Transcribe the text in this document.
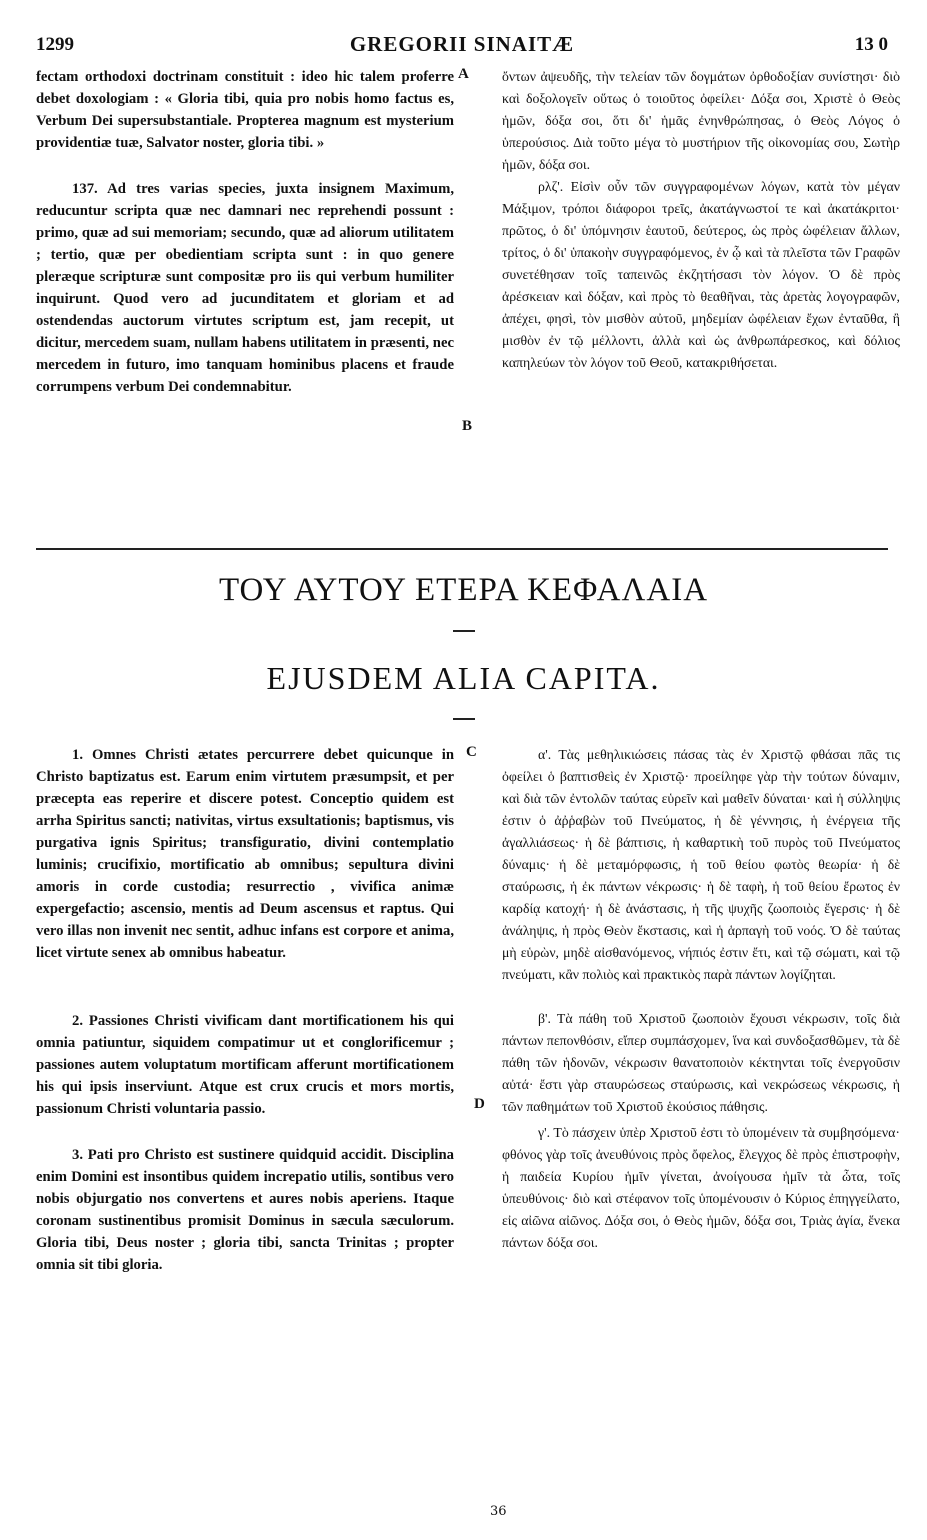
1299	GREGORII SINAITÆ	13 0

fectam orthodoxi doctrinam constituit : ideo hic talem proferre debet doxologiam : « Gloria tibi, quia pro nobis homo factus es, Verbum Dei supersubstantiale. Propterea magnum est mysterium providentiæ tuæ, Salvator noster, gloria tibi. »

137. Ad tres varias species, juxta insignem Maximum, reducuntur scripta quæ nec damnari nec reprehendi possunt : primo, quæ ad sui memoriam; secundo, quæ ad aliorum utilitatem ; tertio, quæ per obedientiam scripta sunt : in quo genere pleræque scripturæ sunt compositæ pro iis qui verbum humiliter inquirunt. Quod vero ad jucunditatem et gloriam et ad ostendendas auctorum virtutes scriptum est, jam recepit, ut dicitur, mercedem suam, nullam habens utilitatem in præsenti, nec mercedem in futuro, imo tanquam hominibus placens et fraude corrumpens verbum Dei condemnabitur.

ὄντων ἀψευδῆς, τὴν τελείαν τῶν δογμάτων ὀρθοδοξίαν συνίστησι· διὸ καὶ δοξολογεῖν οὕτως ὁ τοιοῦτος ὀφείλει· Δόξα σοι, Χριστὲ ὁ Θεὸς ἡμῶν, δόξα σοι, ὅτι δι' ἡμᾶς ἐνηνθρώπησας, ὁ Θεὸς Λόγος ὁ ὑπερούσιος. Διὰ τοῦτο μέγα τὸ μυστήριον τῆς οἰκονομίας σου, Σωτὴρ ἡμῶν, δόξα σοι.

ρλζ'. Εἰσὶν οὖν τῶν συγγραφομένων λόγων, κατὰ τὸν μέγαν Μάξιμον, τρόποι διάφοροι τρεῖς, ἀκατάγνωστοί τε καὶ ἀκατάκριτοι· πρῶτος, ὁ δι' ὑπόμνησιν ἑαυτοῦ, δεύτερος, ὡς πρὸς ὠφέλειαν ἄλλων, τρίτος, ὁ δι' ὑπακοὴν συγγραφόμενος, ἐν ᾧ καὶ τὰ πλεῖστα τῶν Γραφῶν συνετέθησαν τοῖς ταπεινῶς ἐκζητήσασι τὸν λόγον. Ὁ δὲ πρὸς ἀρέσκειαν καὶ δόξαν, καὶ πρὸς τὸ θεαθῆναι, τὰς ἀρετὰς λογογραφῶν, ἀπέχει, φησὶ, τὸν μισθὸν αὐτοῦ, μηδεμίαν ὠφέλειαν ἔχων ἐνταῦθα, ἢ μισθὸν ἐν τῷ μέλλοντι, ἀλλὰ καὶ ὡς ἀνθρωπάρεσκος, καὶ δόλιος καπηλεύων τὸν λόγον τοῦ Θεοῦ, κατακριθήσεται.

A
B
ΤΟΥ ΑΥΤΟΥ ΕΤΕΡΑ ΚΕΦΑΛΑΙΑ
EJUSDEM ALIA CAPITA.

1. Omnes Christi ætates percurrere debet quicunque in Christo baptizatus est. Earum enim virtutem præsumpsit, et per præcepta eas reperire et discere potest. Conceptio quidem est arrha Spiritus sancti; nativitas, virtus exsultationis; baptismus, vis purgativa ignis Spiritus; transfiguratio, divini contemplatio luminis; crucifixio, mortificatio ab omnibus; sepultura divini amoris in corde custodia; resurrectio , vivifica animæ expergefactio; ascensio, mentis ad Deum ascensus et raptus. Qui vero illas non invenit nec sentit, adhuc infans est corpore et anima, licet virtute senex ab omnibus habeatur.

2. Passiones Christi vivificam dant mortificationem his qui omnia patiuntur, siquidem compatimur ut et conglorificemur ; passiones autem voluptatum mortificam afferunt mortificationem his qui ipsis inserviunt. Atque est crux crucis et mors mortis, passionum Christi voluntaria passio.

3. Pati pro Christo est sustinere quidquid accidit. Disciplina enim Domini est insontibus quidem increpatio utilis, sontibus vero nobis objurgatio nos convertens et aures nobis aperiens. Itaque coronam sustinentibus promisit Dominus in sæcula sæculorum. Gloria tibi, Deus noster ; gloria tibi, sancta Trinitas ; propter omnia sit tibi gloria.

α'. Τὰς μεθηλικιώσεις πάσας τὰς ἐν Χριστῷ φθάσαι πᾶς τις ὀφείλει ὁ βαπτισθεὶς ἐν Χριστῷ· προείληφε γὰρ τὴν τούτων δύναμιν, καὶ διὰ τῶν ἐντολῶν ταύτας εὑρεῖν καὶ μαθεῖν δύναται· καὶ ἡ σύλληψις ἐστιν ὁ ἀῤῥαβὼν τοῦ Πνεύματος, ἡ δὲ γέννησις, ἡ ἐνέργεια τῆς ἀγαλλιάσεως· ἡ δὲ βάπτισις, ἡ καθαρτικὴ τοῦ πυρὸς τοῦ Πνεύματος δύναμις· ἡ δὲ μεταμόρφωσις, ἡ τοῦ θείου φωτὸς θεωρία· ἡ δὲ σταύρωσις, ἡ ἐκ πάντων νέκρωσις· ἡ δὲ ταφὴ, ἡ τοῦ θείου ἔρωτος ἐν καρδίᾳ κατοχή· ἡ δὲ ἀνάστασις, ἡ τῆς ψυχῆς ζωοποιὸς ἔγερσις· ἡ δὲ ἀνάληψις, ἡ πρὸς Θεὸν ἔκστασις, καὶ ἡ ἁρπαγὴ τοῦ νοός. Ὁ δὲ ταύτας μὴ εὑρὼν, μηδὲ αἰσθανόμενος, νήπιός ἐστιν ἔτι, καὶ τῷ σώματι, καὶ τῷ πνεύματι, κἂν πολιὸς καὶ πρακτικὸς παρὰ πάντων λογίζηται.

β'. Τὰ πάθη τοῦ Χριστοῦ ζωοποιὸν ἔχουσι νέκρωσιν, τοῖς διὰ πάντων πεπονθόσιν, εἴπερ συμπάσχομεν, ἵνα καὶ συνδοξασθῶμεν, τὰ δὲ πάθη τῶν ἡδονῶν, νέκρωσιν θανατοποιὸν κέκτηνται τοῖς ἐνεργοῦσιν αὐτά· ἔστι γὰρ σταυρώσεως σταύρωσις, καὶ νεκρώσεως νέκρωσις, ἡ τῶν παθημάτων τοῦ Χριστοῦ ἑκούσιος πάθησις.

γ'. Τὸ πάσχειν ὑπὲρ Χριστοῦ ἐστι τὸ ὑπομένειν τὰ συμβησόμενα· φθόνος γὰρ τοῖς ἀνευθύνοις πρὸς ὄφελος, ἔλεγχος δὲ πρὸς ἐπιστροφὴν, ἡ παιδεία Κυρίου ἡμῖν γίνεται, ἀνοίγουσα ἡμῖν τὰ ὦτα, τοῖς ὑπευθύνοις· διὸ καὶ στέφανον τοῖς ὑπομένουσιν ὁ Κύριος ἐπηγγείλατο, εἰς αἰῶνα αἰῶνος. Δόξα σοι, ὁ Θεὸς ἡμῶν, δόξα σοι, Τριὰς ἁγία, ἕνεκα πάντων δόξα σοι.

C
D
36
